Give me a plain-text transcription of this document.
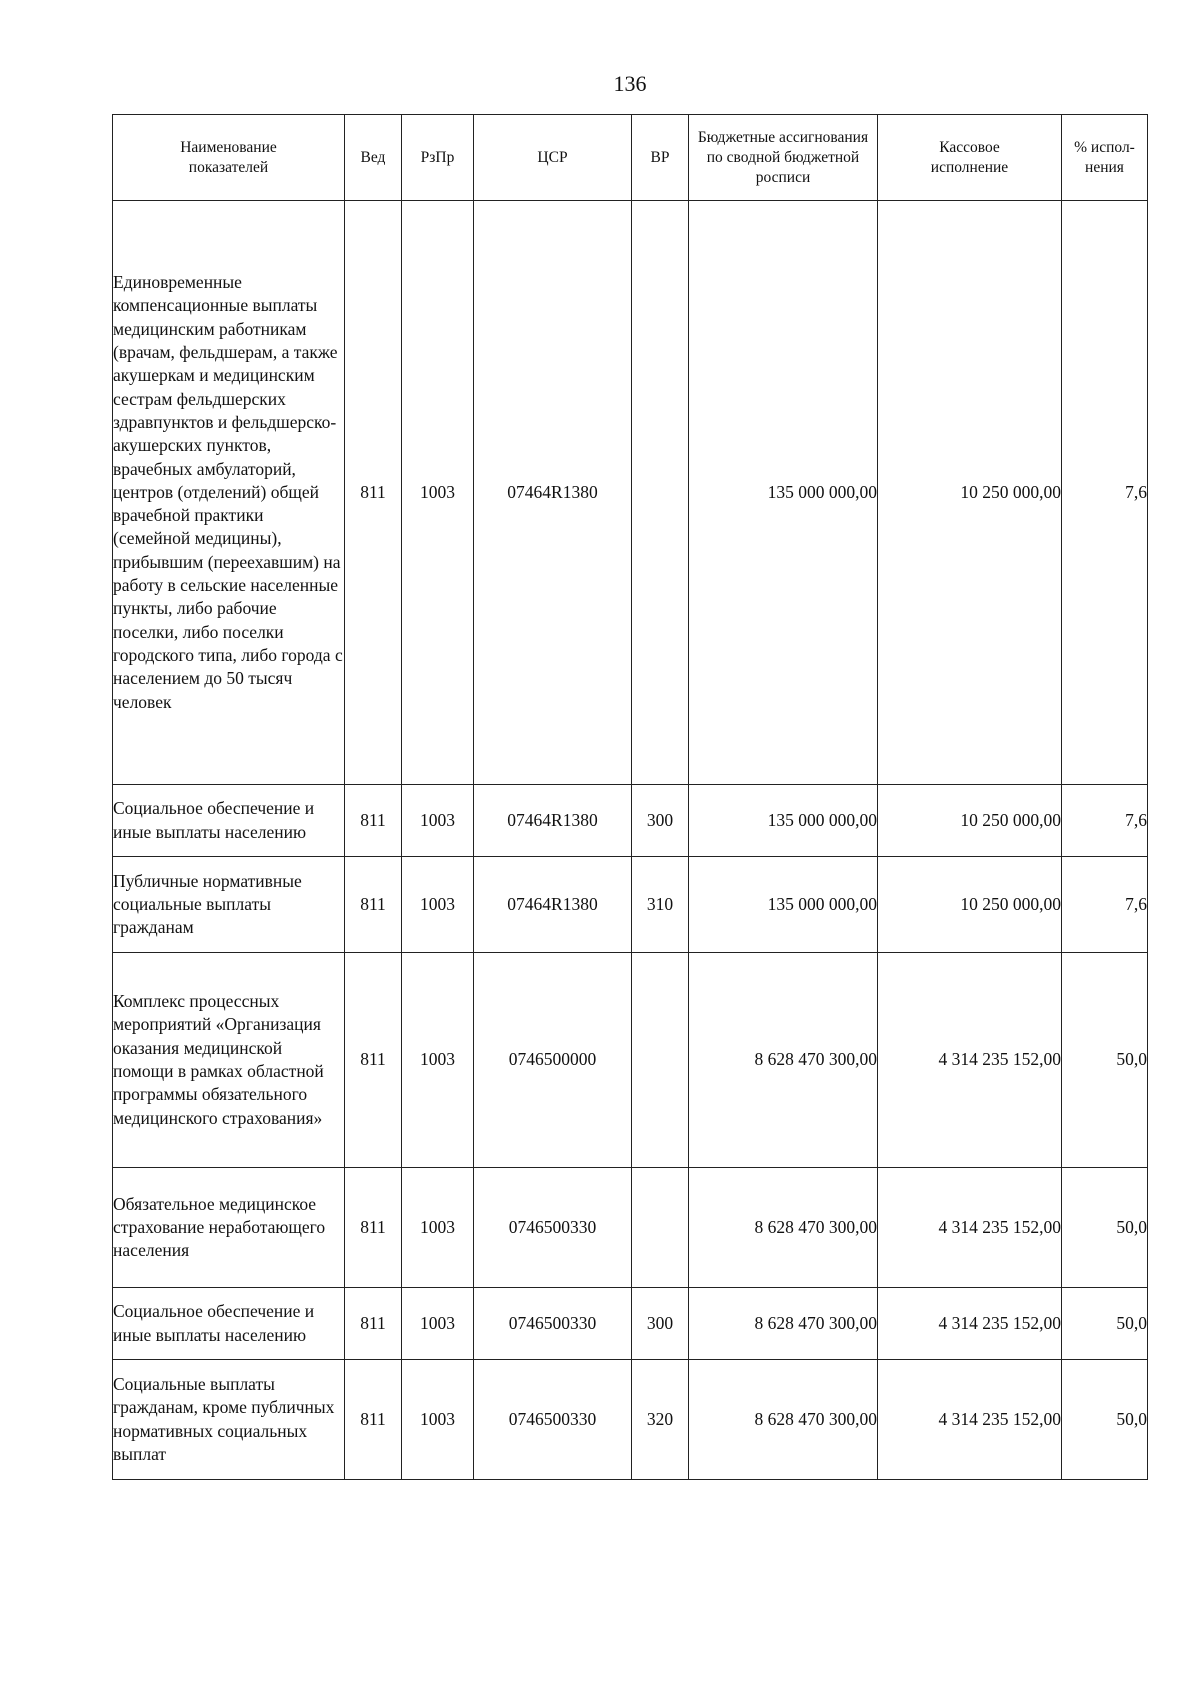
136
Наименование показателей	Вед	РзПр	ЦСР	ВР	Бюджетные ассигнования по сводной бюджетной росписи	Кассовое исполнение	% испол-нения
Единовременные компенсационные выплаты медицинским работникам (врачам, фельдшерам, а также акушеркам и медицинским сестрам фельдшерских здравпунктов и фельдшерско-акушерских пунктов, врачебных амбулаторий, центров (отделений) общей врачебной практики (семейной медицины), прибывшим (переехавшим) на работу в сельские населенные пункты, либо рабочие поселки, либо поселки городского типа, либо города с населением до 50 тысяч человек	811	1003	07464R1380		135 000 000,00	10 250 000,00	7,6
Социальное обеспечение и иные выплаты населению	811	1003	07464R1380	300	135 000 000,00	10 250 000,00	7,6
Публичные нормативные социальные выплаты гражданам	811	1003	07464R1380	310	135 000 000,00	10 250 000,00	7,6
Комплекс процессных мероприятий «Организация оказания медицинской помощи в рамках областной программы обязательного медицинского страхования»	811	1003	0746500000		8 628 470 300,00	4 314 235 152,00	50,0
Обязательное медицинское страхование неработающего населения	811	1003	0746500330		8 628 470 300,00	4 314 235 152,00	50,0
Социальное обеспечение и иные выплаты населению	811	1003	0746500330	300	8 628 470 300,00	4 314 235 152,00	50,0
Социальные выплаты гражданам, кроме публичных нормативных социальных выплат	811	1003	0746500330	320	8 628 470 300,00	4 314 235 152,00	50,0
